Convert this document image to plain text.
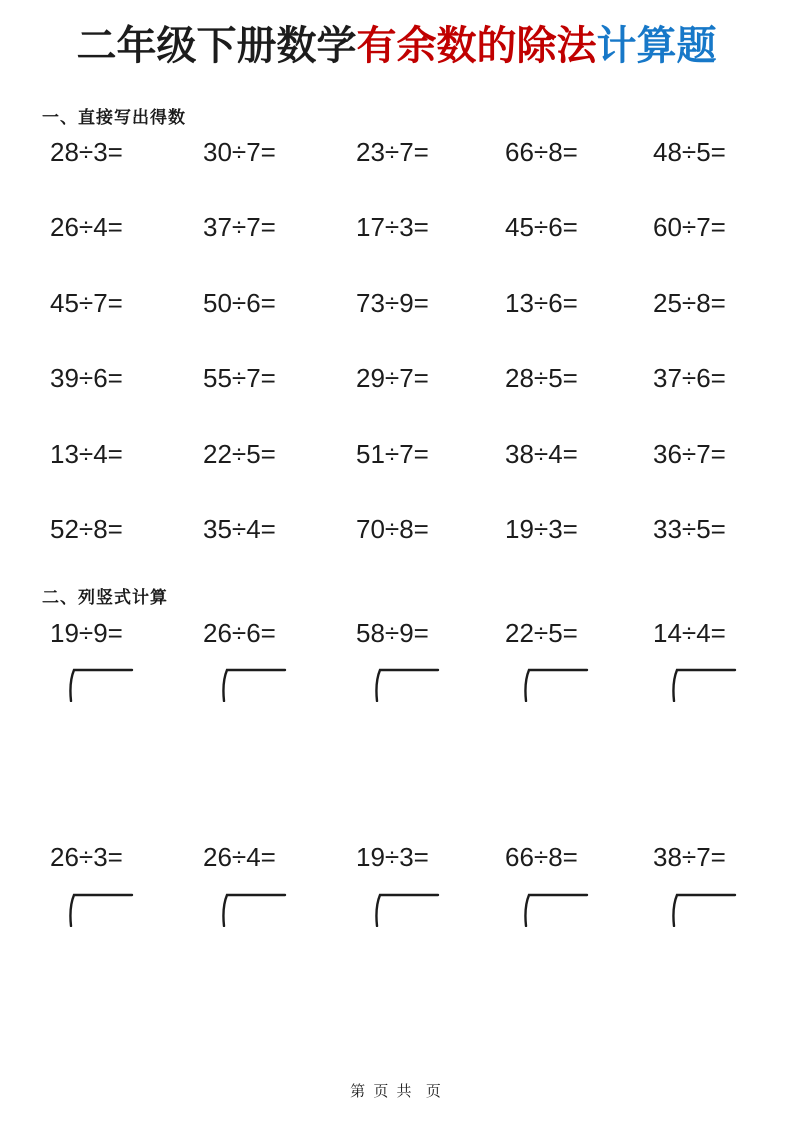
二年级下册数学有余数的除法计算题
一、直接写出得数
28÷3=	30÷7=	23÷7=	66÷8=	48÷5=
26÷4=	37÷7=	17÷3=	45÷6=	60÷7=
45÷7=	50÷6=	73÷9=	13÷6=	25÷8=
39÷6=	55÷7=	29÷7=	28÷5=	37÷6=
13÷4=	22÷5=	51÷7=	38÷4=	36÷7=
52÷8=	35÷4=	70÷8=	19÷3=	33÷5=
二、列竖式计算
19÷9=	26÷6=	58÷9=	22÷5=	14÷4=
26÷3=	26÷4=	19÷3=	66÷8=	38÷7=
第 页 共  页
